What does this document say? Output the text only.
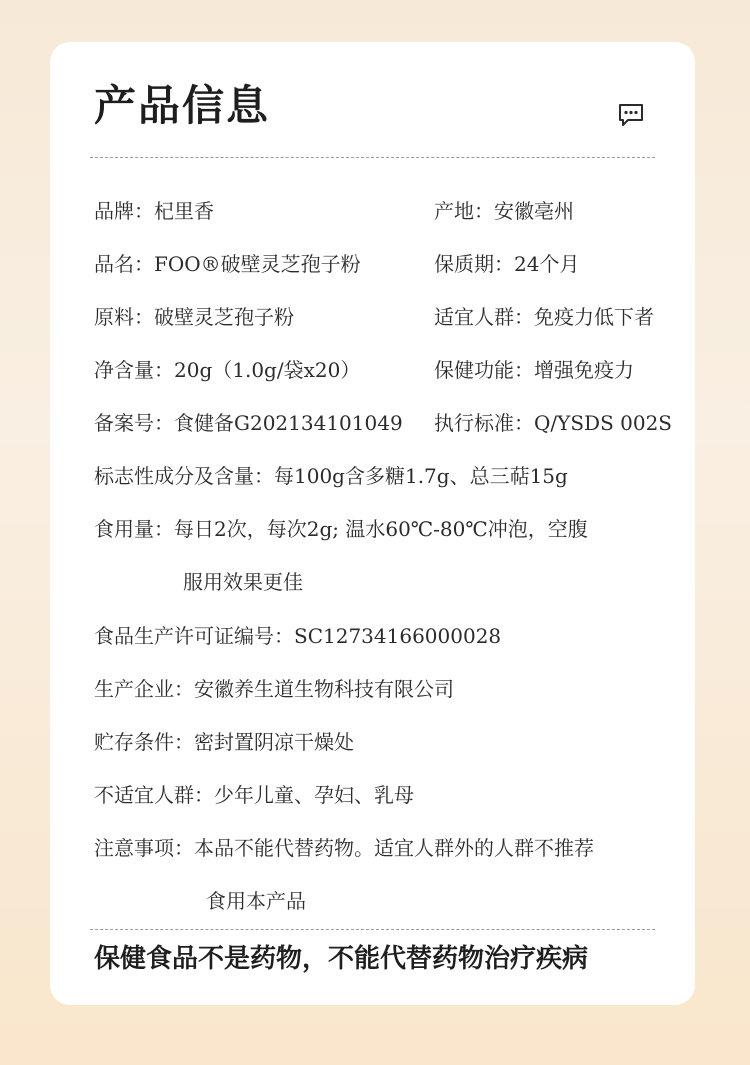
产品信息
品牌：杞里香	产地：安徽亳州
品名：FOO®破壁灵芝孢子粉	保质期：24个月
原料：破壁灵芝孢子粉	适宜人群：免疫力低下者
净含量：20g（1.0g/袋x20）	保健功能：增强免疫力
备案号：食健备G202134101049 执行标准：Q/YSDS 002S
标志性成分及含量：每100g含多糖1.7g、总三萜15g
食用量：每日2次，每次2g; 温水60℃-80℃冲泡，空腹
服用效果更佳
食品生产许可证编号：SC12734166000028
生产企业：安徽养生道生物科技有限公司
贮存条件：密封置阴凉干燥处
不适宜人群：少年儿童、孕妇、乳母
注意事项：本品不能代替药物。适宜人群外的人群不推荐
食用本产品
保健食品不是药物，不能代替药物治疗疾病
